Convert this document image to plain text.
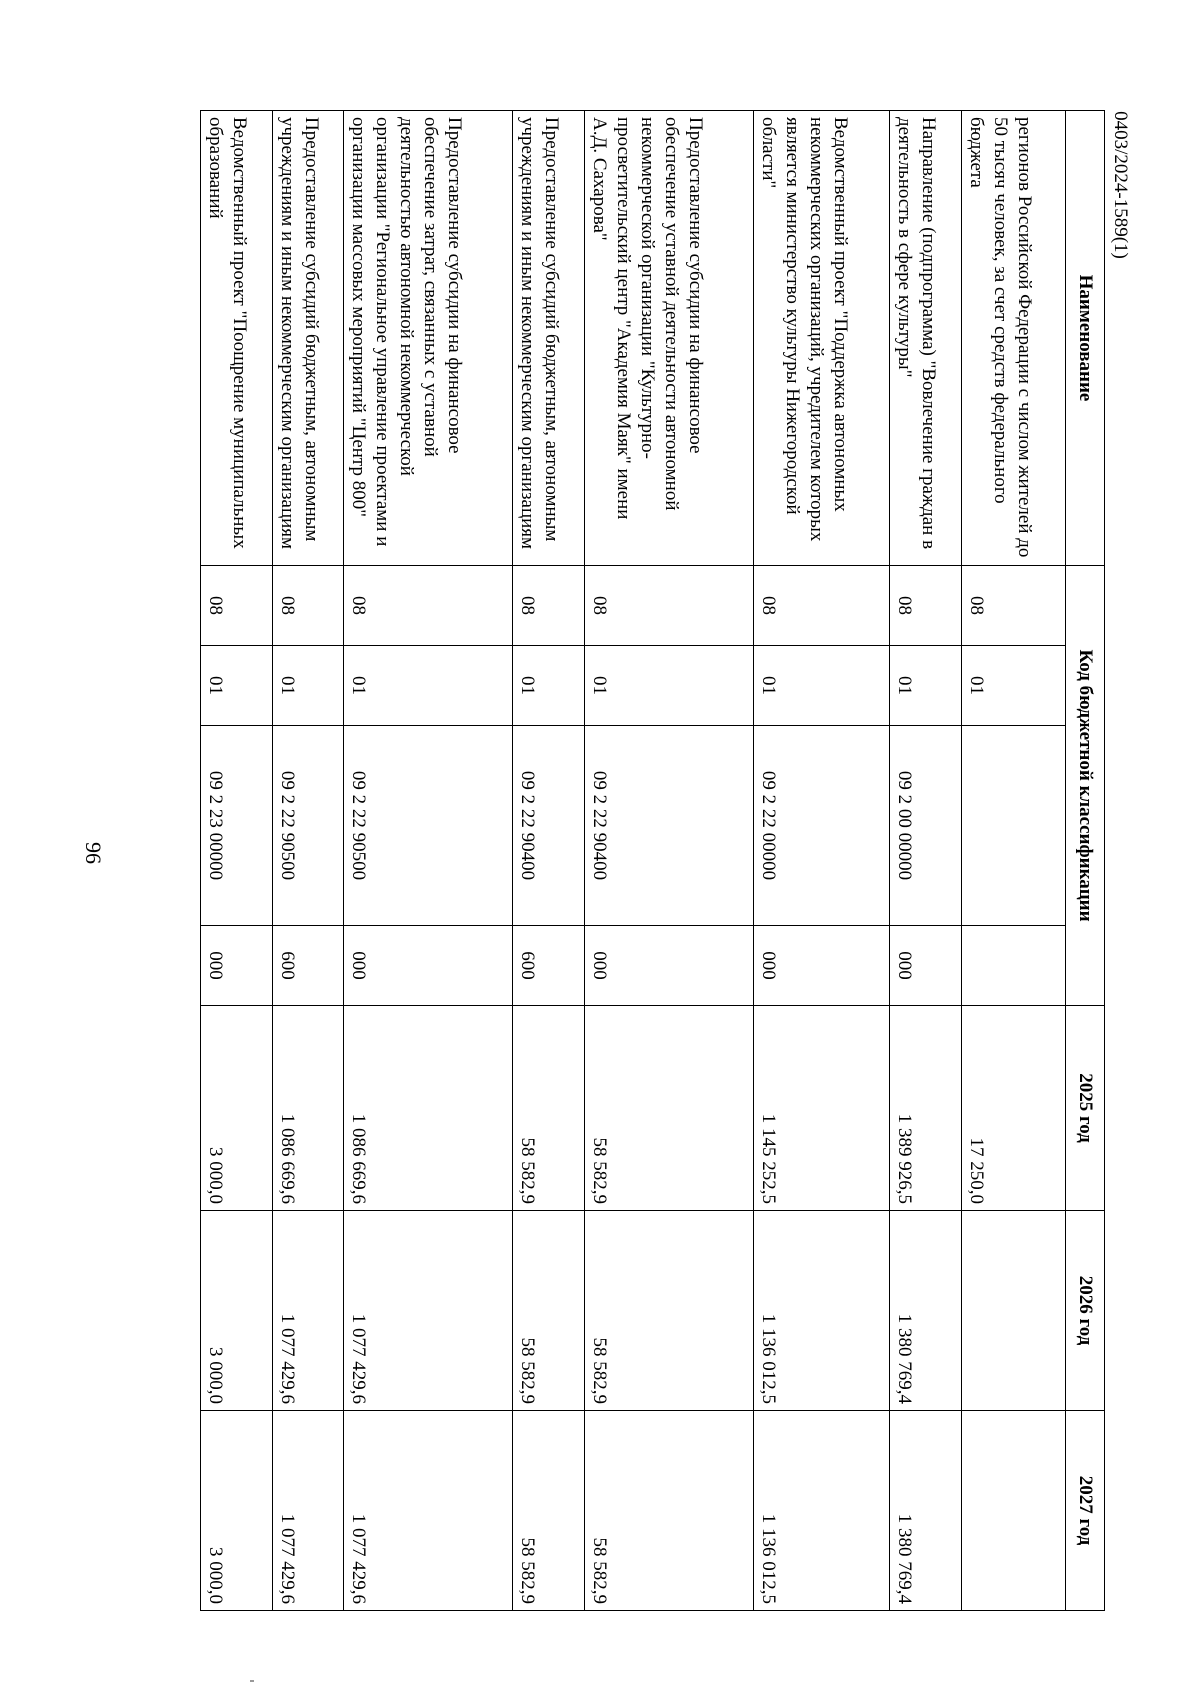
96
0403/2024-1589(1)
Наименование	Код бюджетной классификации				2025 год	2026 год	2027 год
регионов Российской Федерации с числом жителей до 50 тысяч человек, за счет средств федерального бюджета	08	01			17 250,0		
Направление (подпрограмма) "Вовлечение граждан в деятельность в сфере культуры"	08	01	09 2 00 00000	000	1 389 926,5	1 380 769,4	1 380 769,4
Ведомственный проект "Поддержка автономных некоммерческих организаций, учредителем которых является министерство культуры Нижегородской области"	08	01	09 2 22 00000	000	1 145 252,5	1 136 012,5	1 136 012,5
Предоставление субсидии на финансовое обеспечение уставной деятельности автономной некоммерческой организации "Культурно-просветительский центр "Академия Маяк" имени А.Д. Сахарова"	08	01	09 2 22 90400	000	58 582,9	58 582,9	58 582,9
Предоставление субсидий бюджетным, автономным учреждениям и иным некоммерческим организациям	08	01	09 2 22 90400	600	58 582,9	58 582,9	58 582,9
Предоставление субсидии на финансовое обеспечение затрат, связанных с уставной деятельностью автономной некоммерческой организации "Региональное управление проектами и организации массовых мероприятий "Центр 800"	08	01	09 2 22 90500	000	1 086 669,6	1 077 429,6	1 077 429,6
Предоставление субсидий бюджетным, автономным учреждениям и иным некоммерческим организациям	08	01	09 2 22 90500	600	1 086 669,6	1 077 429,6	1 077 429,6
Ведомственный проект "Поощрение муниципальных образований	08	01	09 2 23 00000	000	3 000,0	3 000,0	3 000,0
